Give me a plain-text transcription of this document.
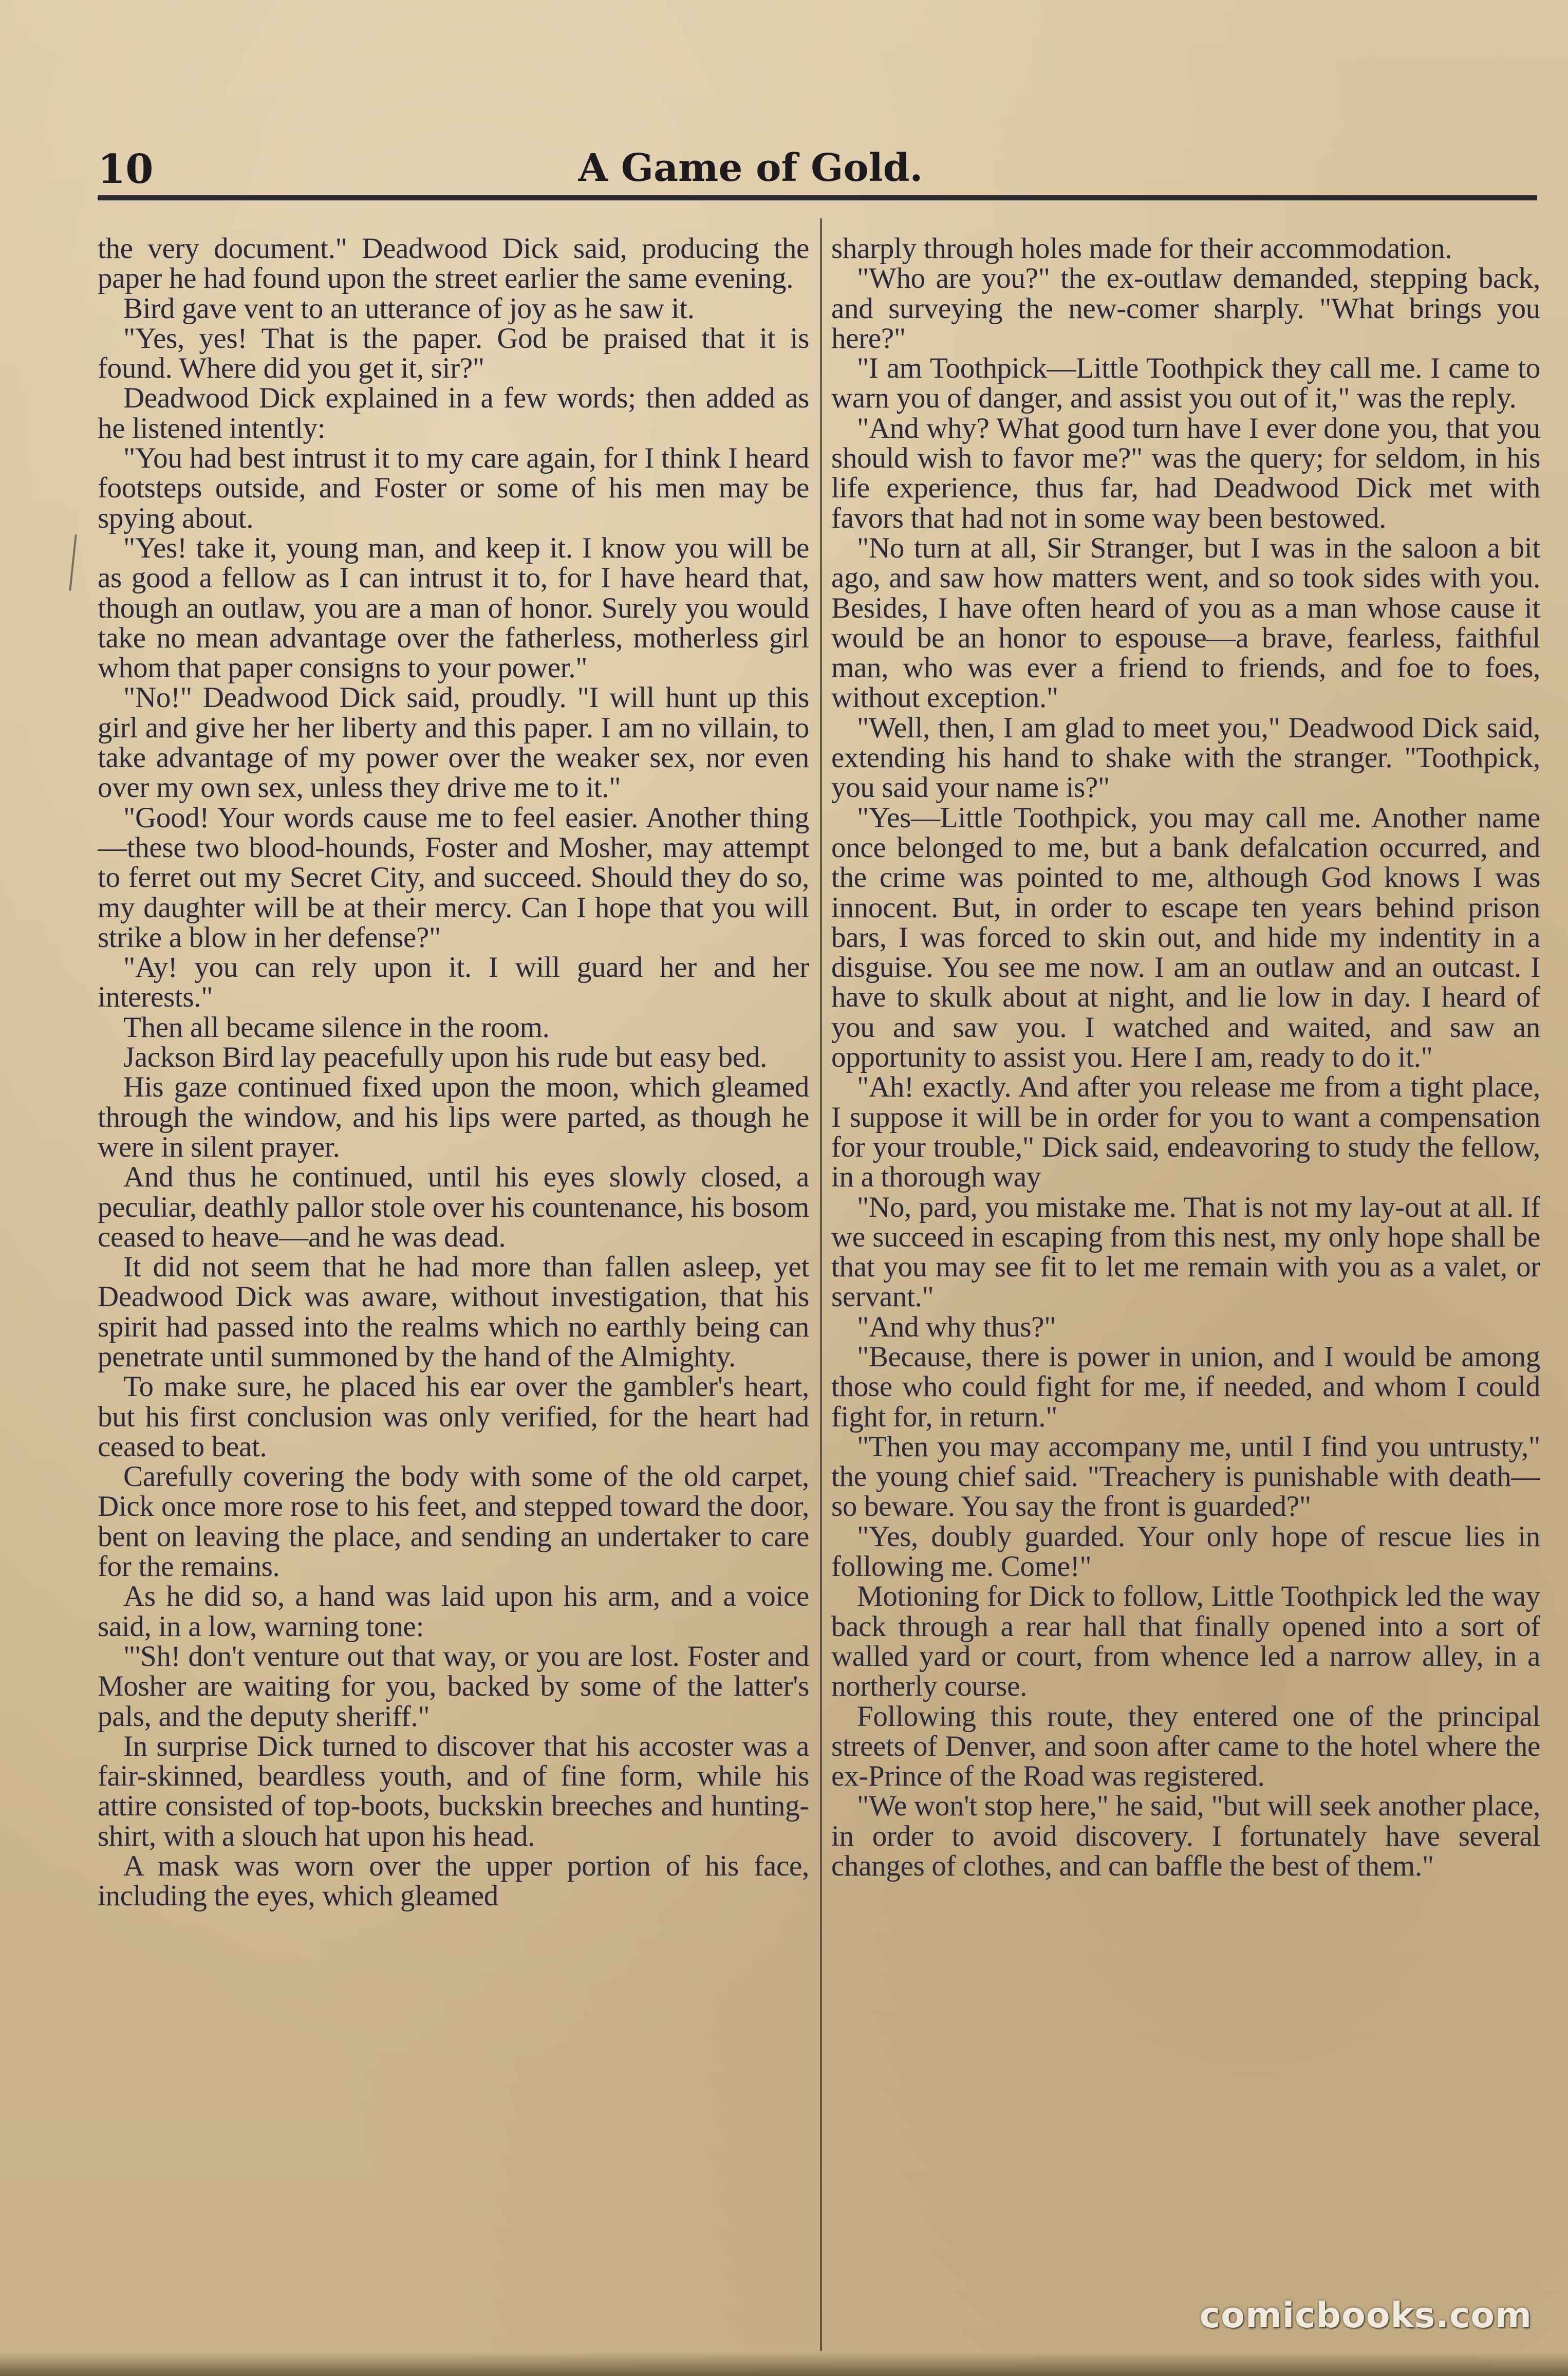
10	A Game of Gold.

the very document." Deadwood Dick said, producing the paper he had found upon the street earlier the same evening.

Bird gave vent to an utterance of joy as he saw it.

"Yes, yes! That is the paper. God be praised that it is found. Where did you get it, sir?"

Deadwood Dick explained in a few words; then added as he listened intently:

"You had best intrust it to my care again, for I think I heard footsteps outside, and Foster or some of his men may be spying about.

"Yes! take it, young man, and keep it. I know you will be as good a fellow as I can intrust it to, for I have heard that, though an outlaw, you are a man of honor. Surely you would take no mean advantage over the fatherless, motherless girl whom that paper consigns to your power."

"No!" Deadwood Dick said, proudly. "I will hunt up this girl and give her her liberty and this paper. I am no villain, to take advantage of my power over the weaker sex, nor even over my own sex, unless they drive me to it."

"Good! Your words cause me to feel easier. Another thing—these two blood-hounds, Foster and Mosher, may attempt to ferret out my Secret City, and succeed. Should they do so, my daughter will be at their mercy. Can I hope that you will strike a blow in her defense?"

"Ay! you can rely upon it. I will guard her and her interests."

Then all became silence in the room.

Jackson Bird lay peacefully upon his rude but easy bed.

His gaze continued fixed upon the moon, which gleamed through the window, and his lips were parted, as though he were in silent prayer.

And thus he continued, until his eyes slowly closed, a peculiar, deathly pallor stole over his countenance, his bosom ceased to heave—and he was dead.

It did not seem that he had more than fallen asleep, yet Deadwood Dick was aware, without investigation, that his spirit had passed into the realms which no earthly being can penetrate until summoned by the hand of the Almighty.

To make sure, he placed his ear over the gambler's heart, but his first conclusion was only verified, for the heart had ceased to beat.

Carefully covering the body with some of the old carpet, Dick once more rose to his feet, and stepped toward the door, bent on leaving the place, and sending an undertaker to care for the remains.

As he did so, a hand was laid upon his arm, and a voice said, in a low, warning tone:

"'Sh! don't venture out that way, or you are lost. Foster and Mosher are waiting for you, backed by some of the latter's pals, and the deputy sheriff."

In surprise Dick turned to discover that his accoster was a fair-skinned, beardless youth, and of fine form, while his attire consisted of top-boots, buckskin breeches and hunting-shirt, with a slouch hat upon his head.

A mask was worn over the upper portion of his face, including the eyes, which gleamed

sharply through holes made for their accommodation.

"Who are you?" the ex-outlaw demanded, stepping back, and surveying the new-comer sharply. "What brings you here?"

"I am Toothpick—Little Toothpick they call me. I came to warn you of danger, and assist you out of it," was the reply.

"And why? What good turn have I ever done you, that you should wish to favor me?" was the query; for seldom, in his life experience, thus far, had Deadwood Dick met with favors that had not in some way been bestowed.

"No turn at all, Sir Stranger, but I was in the saloon a bit ago, and saw how matters went, and so took sides with you. Besides, I have often heard of you as a man whose cause it would be an honor to espouse—a brave, fearless, faithful man, who was ever a friend to friends, and foe to foes, without exception."

"Well, then, I am glad to meet you," Deadwood Dick said, extending his hand to shake with the stranger. "Toothpick, you said your name is?"

"Yes—Little Toothpick, you may call me. Another name once belonged to me, but a bank defalcation occurred, and the crime was pointed to me, although God knows I was innocent. But, in order to escape ten years behind prison bars, I was forced to skin out, and hide my indentity in a disguise. You see me now. I am an outlaw and an outcast. I have to skulk about at night, and lie low in day. I heard of you and saw you. I watched and waited, and saw an opportunity to assist you. Here I am, ready to do it."

"Ah! exactly. And after you release me from a tight place, I suppose it will be in order for you to want a compensation for your trouble," Dick said, endeavoring to study the fellow, in a thorough way

"No, pard, you mistake me. That is not my lay-out at all. If we succeed in escaping from this nest, my only hope shall be that you may see fit to let me remain with you as a valet, or servant."

"And why thus?"

"Because, there is power in union, and I would be among those who could fight for me, if needed, and whom I could fight for, in return."

"Then you may accompany me, until I find you untrusty," the young chief said. "Treachery is punishable with death—so beware. You say the front is guarded?"

"Yes, doubly guarded. Your only hope of rescue lies in following me. Come!"

Motioning for Dick to follow, Little Toothpick led the way back through a rear hall that finally opened into a sort of walled yard or court, from whence led a narrow alley, in a northerly course.

Following this route, they entered one of the principal streets of Denver, and soon after came to the hotel where the ex-Prince of the Road was registered.

"We won't stop here," he said, "but will seek another place, in order to avoid discovery. I fortunately have several changes of clothes, and can baffle the best of them."

comicbooks.com
